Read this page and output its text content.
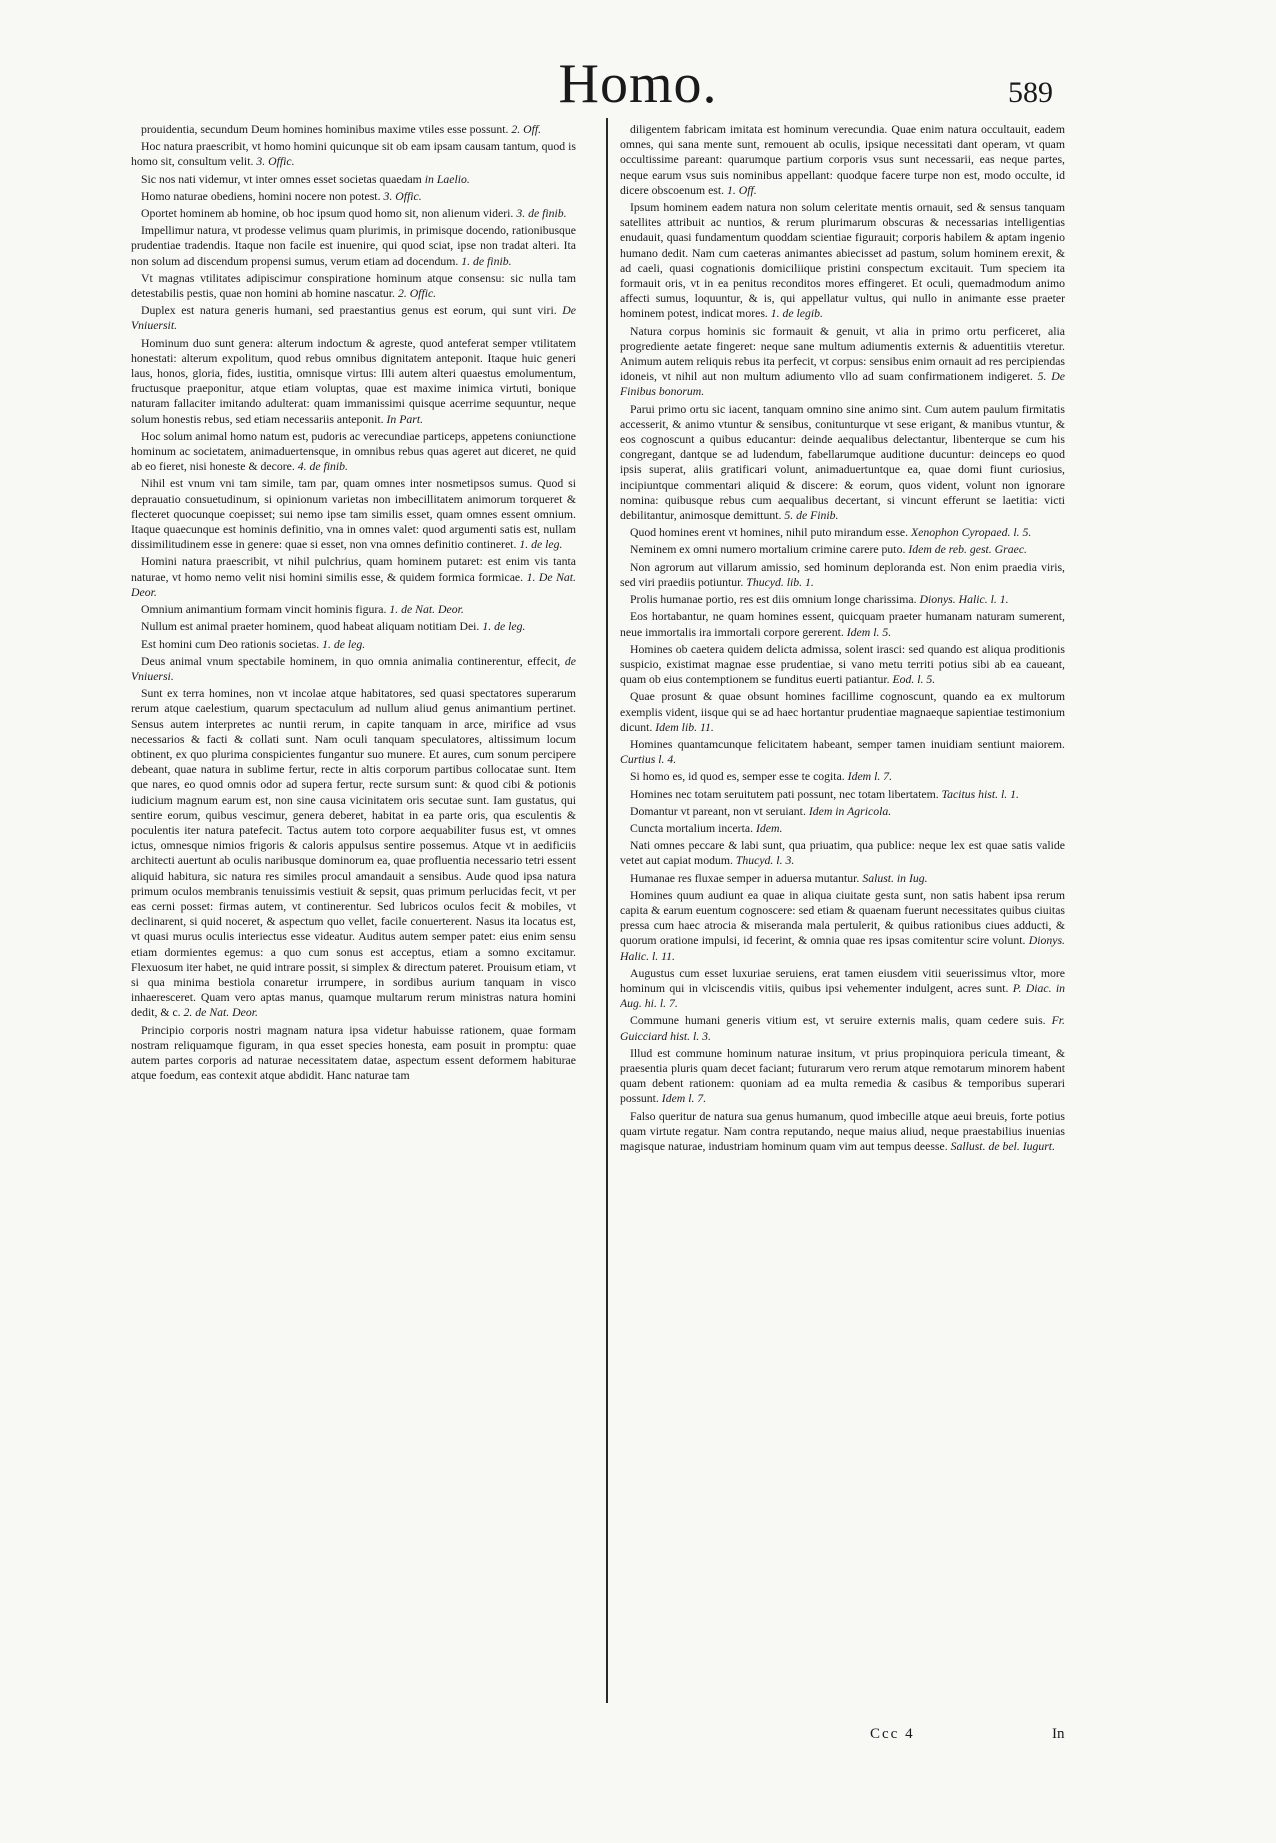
Homo.	589

prouidentia, secundum Deum homines hominibus maxime vtiles esse possunt. 2. Off.

Hoc natura praescribit, vt homo homini quicunque sit ob eam ipsam causam tantum, quod is homo sit, consultum velit. 3. Offic.

Sic nos nati videmur, vt inter omnes esset societas quaedam in Laelio.

Homo naturae obediens, homini nocere non potest. 3. Offic.

Oportet hominem ab homine, ob hoc ipsum quod homo sit, non alienum videri. 3. de finib.

Impellimur natura, vt prodesse velimus quam plurimis, in primisque docendo, rationibusque prudentiae tradendis. Itaque non facile est inuenire, qui quod sciat, ipse non tradat alteri. Ita non solum ad discendum propensi sumus, verum etiam ad docendum. 1. de finib.

Vt magnas vtilitates adipiscimur conspiratione hominum atque consensu: sic nulla tam detestabilis pestis, quae non homini ab homine nascatur. 2. Offic.

Duplex est natura generis humani, sed praestantius genus est eorum, qui sunt viri. De Vniuersit.

Hominum duo sunt genera: alterum indoctum & agreste, quod anteferat semper vtilitatem honestati: alterum expolitum, quod rebus omnibus dignitatem anteponit. Itaque huic generi laus, honos, gloria, fides, iustitia, omnisque virtus: Illi autem alteri quaestus emolumentum, fructusque praeponitur, atque etiam voluptas, quae est maxime inimica virtuti, bonique naturam fallaciter imitando adulterat: quam immanissimi quisque acerrime sequuntur, neque solum honestis rebus, sed etiam necessariis anteponit. In Part.

Hoc solum animal homo natum est, pudoris ac verecundiae particeps, appetens coniunctione hominum ac societatem, animaduertensque, in omnibus rebus quas ageret aut diceret, ne quid ab eo fieret, nisi honeste & decore. 4. de finib.

Nihil est vnum vni tam simile, tam par, quam omnes inter nosmetipsos sumus. Quod si deprauatio consuetudinum, si opinionum varietas non imbecillitatem animorum torqueret & flecteret quocunque coepisset; sui nemo ipse tam similis esset, quam omnes essent omnium. Itaque quaecunque est hominis definitio, vna in omnes valet: quod argumenti satis est, nullam dissimilitudinem esse in genere: quae si esset, non vna omnes definitio contineret. 1. de leg.

Homini natura praescribit, vt nihil pulchrius, quam hominem putaret: est enim vis tanta naturae, vt homo nemo velit nisi homini similis esse, & quidem formica formicae. 1. De Nat. Deor.

Omnium animantium formam vincit hominis figura. 1. de Nat. Deor.

Nullum est animal praeter hominem, quod habeat aliquam notitiam Dei. 1. de leg.

Est homini cum Deo rationis societas. 1. de leg.

Deus animal vnum spectabile hominem, in quo omnia animalia continerentur, effecit, de Vniuersi.

Sunt ex terra homines, non vt incolae atque habitatores, sed quasi spectatores superarum rerum atque caelestium, quarum spectaculum ad nullum aliud genus animantium pertinet. Sensus autem interpretes ac nuntii rerum, in capite tanquam in arce, mirifice ad vsus necessarios & facti & collati sunt. Nam oculi tanquam speculatores, altissimum locum obtinent, ex quo plurima conspicientes fungantur suo munere. Et aures, cum sonum percipere debeant, quae natura in sublime fertur, recte in altis corporum partibus collocatae sunt. Item que nares, eo quod omnis odor ad supera fertur, recte sursum sunt: & quod cibi & potionis iudicium magnum earum est, non sine causa vicinitatem oris secutae sunt. Iam gustatus, qui sentire eorum, quibus vescimur, genera deberet, habitat in ea parte oris, qua esculentis & poculentis iter natura patefecit. Tactus autem toto corpore aequabiliter fusus est, vt omnes ictus, omnesque nimios frigoris & caloris appulsus sentire possemus. Atque vt in aedificiis architecti auertunt ab oculis naribusque dominorum ea, quae profluentia necessario tetri essent aliquid habitura, sic natura res similes procul amandauit a sensibus. Aude quod ipsa natura primum oculos membranis tenuissimis vestiuit & sepsit, quas primum perlucidas fecit, vt per eas cerni posset: firmas autem, vt continerentur. Sed lubricos oculos fecit & mobiles, vt declinarent, si quid noceret, & aspectum quo vellet, facile conuerterent. Nasus ita locatus est, vt quasi murus oculis interiectus esse videatur. Auditus autem semper patet: eius enim sensu etiam dormientes egemus: a quo cum sonus est acceptus, etiam a somno excitamur. Flexuosum iter habet, ne quid intrare possit, si simplex & directum pateret. Prouisum etiam, vt si qua minima bestiola conaretur irrumpere, in sordibus aurium tanquam in visco inhaeresceret. Quam vero aptas manus, quamque multarum rerum ministras natura homini dedit, & c. 2. de Nat. Deor.

Principio corporis nostri magnam natura ipsa videtur habuisse rationem, quae formam nostram reliquamque figuram, in qua esset species honesta, eam posuit in promptu: quae autem partes corporis ad naturae necessitatem datae, aspectum essent deformem habiturae atque foedum, eas contexit atque abdidit. Hanc naturae tam

diligentem fabricam imitata est hominum verecundia. Quae enim natura occultauit, eadem omnes, qui sana mente sunt, remouent ab oculis, ipsique necessitati dant operam, vt quam occultissime pareant: quarumque partium corporis vsus sunt necessarii, eas neque partes, neque earum vsus suis nominibus appellant: quodque facere turpe non est, modo occulte, id dicere obscoenum est. 1. Off.

Ipsum hominem eadem natura non solum celeritate mentis ornauit, sed & sensus tanquam satellites attribuit ac nuntios, & rerum plurimarum obscuras & necessarias intelligentias enudauit, quasi fundamentum quoddam scientiae figurauit; corporis habilem & aptam ingenio humano dedit. Nam cum caeteras animantes abiecisset ad pastum, solum hominem erexit, & ad caeli, quasi cognationis domiciliique pristini conspectum excitauit. Tum speciem ita formauit oris, vt in ea penitus reconditos mores effingeret. Et oculi, quemadmodum animo affecti sumus, loquuntur, & is, qui appellatur vultus, qui nullo in animante esse praeter hominem potest, indicat mores. 1. de legib.

Natura corpus hominis sic formauit & genuit, vt alia in primo ortu perficeret, alia progrediente aetate fingeret: neque sane multum adiumentis externis & aduentitiis vteretur. Animum autem reliquis rebus ita perfecit, vt corpus: sensibus enim ornauit ad res percipiendas idoneis, vt nihil aut non multum adiumento vllo ad suam confirmationem indigeret. 5. De Finibus bonorum.

Parui primo ortu sic iacent, tanquam omnino sine animo sint. Cum autem paulum firmitatis accesserit, & animo vtuntur & sensibus, conitunturque vt sese erigant, & manibus vtuntur, & eos cognoscunt a quibus educantur: deinde aequalibus delectantur, libenterque se cum his congregant, dantque se ad ludendum, fabellarumque auditione ducuntur: deinceps eo quod ipsis superat, aliis gratificari volunt, animaduertuntque ea, quae domi fiunt curiosius, incipiuntque commentari aliquid & discere: & eorum, quos vident, volunt non ignorare nomina: quibusque rebus cum aequalibus decertant, si vincunt efferunt se laetitia: victi debilitantur, animosque demittunt. 5. de Finib.

Quod homines erent vt homines, nihil puto mirandum esse. Xenophon Cyropaed. l. 5.

Neminem ex omni numero mortalium crimine carere puto. Idem de reb. gest. Graec.

Non agrorum aut villarum amissio, sed hominum deploranda est. Non enim praedia viris, sed viri praediis potiuntur. Thucyd. lib. 1.

Prolis humanae portio, res est diis omnium longe charissima. Dionys. Halic. l. 1.

Eos hortabantur, ne quam homines essent, quicquam praeter humanam naturam sumerent, neue immortalis ira immortali corpore gererent. Idem l. 5.

Homines ob caetera quidem delicta admissa, solent irasci: sed quando est aliqua proditionis suspicio, existimat magnae esse prudentiae, si vano metu territi potius sibi ab ea caueant, quam ob eius contemptionem se funditus euerti patiantur. Eod. l. 5.

Quae prosunt & quae obsunt homines facillime cognoscunt, quando ea ex multorum exemplis vident, iisque qui se ad haec hortantur prudentiae magnaeque sapientiae testimonium dicunt. Idem lib. 11.

Homines quantamcunque felicitatem habeant, semper tamen inuidiam sentiunt maiorem. Curtius l. 4.

Si homo es, id quod es, semper esse te cogita. Idem l. 7.

Homines nec totam seruitutem pati possunt, nec totam libertatem. Tacitus hist. l. 1.

Domantur vt pareant, non vt seruiant. Idem in Agricola.

Cuncta mortalium incerta. Idem.

Nati omnes peccare & labi sunt, qua priuatim, qua publice: neque lex est quae satis valide vetet aut capiat modum. Thucyd. l. 3.

Humanae res fluxae semper in aduersa mutantur. Salust. in Iug.

Homines quum audiunt ea quae in aliqua ciuitate gesta sunt, non satis habent ipsa rerum capita & earum euentum cognoscere: sed etiam & quaenam fuerunt necessitates quibus ciuitas pressa cum haec atrocia & miseranda mala pertulerit, & quibus rationibus ciues adducti, & quorum oratione impulsi, id fecerint, & omnia quae res ipsas comitentur scire volunt. Dionys. Halic. l. 11.

Augustus cum esset luxuriae seruiens, erat tamen eiusdem vitii seuerissimus vltor, more hominum qui in vlciscendis vitiis, quibus ipsi vehementer indulgent, acres sunt. P. Diac. in Aug. hi. l. 7.

Commune humani generis vitium est, vt seruire externis malis, quam cedere suis. Fr. Guicciard hist. l. 3.

Illud est commune hominum naturae insitum, vt prius propinquiora pericula timeant, & praesentia pluris quam decet faciant; futurarum vero rerum atque remotarum minorem habent quam debent rationem: quoniam ad ea multa remedia & casibus & temporibus superari possunt. Idem l. 7.

Falso queritur de natura sua genus humanum, quod imbecille atque aeui breuis, forte potius quam virtute regatur. Nam contra reputando, neque maius aliud, neque praestabilius inuenias magisque naturae, industriam hominum quam vim aut tempus deesse. Sallust. de bel. Iugurt.

Ccc 4	In
